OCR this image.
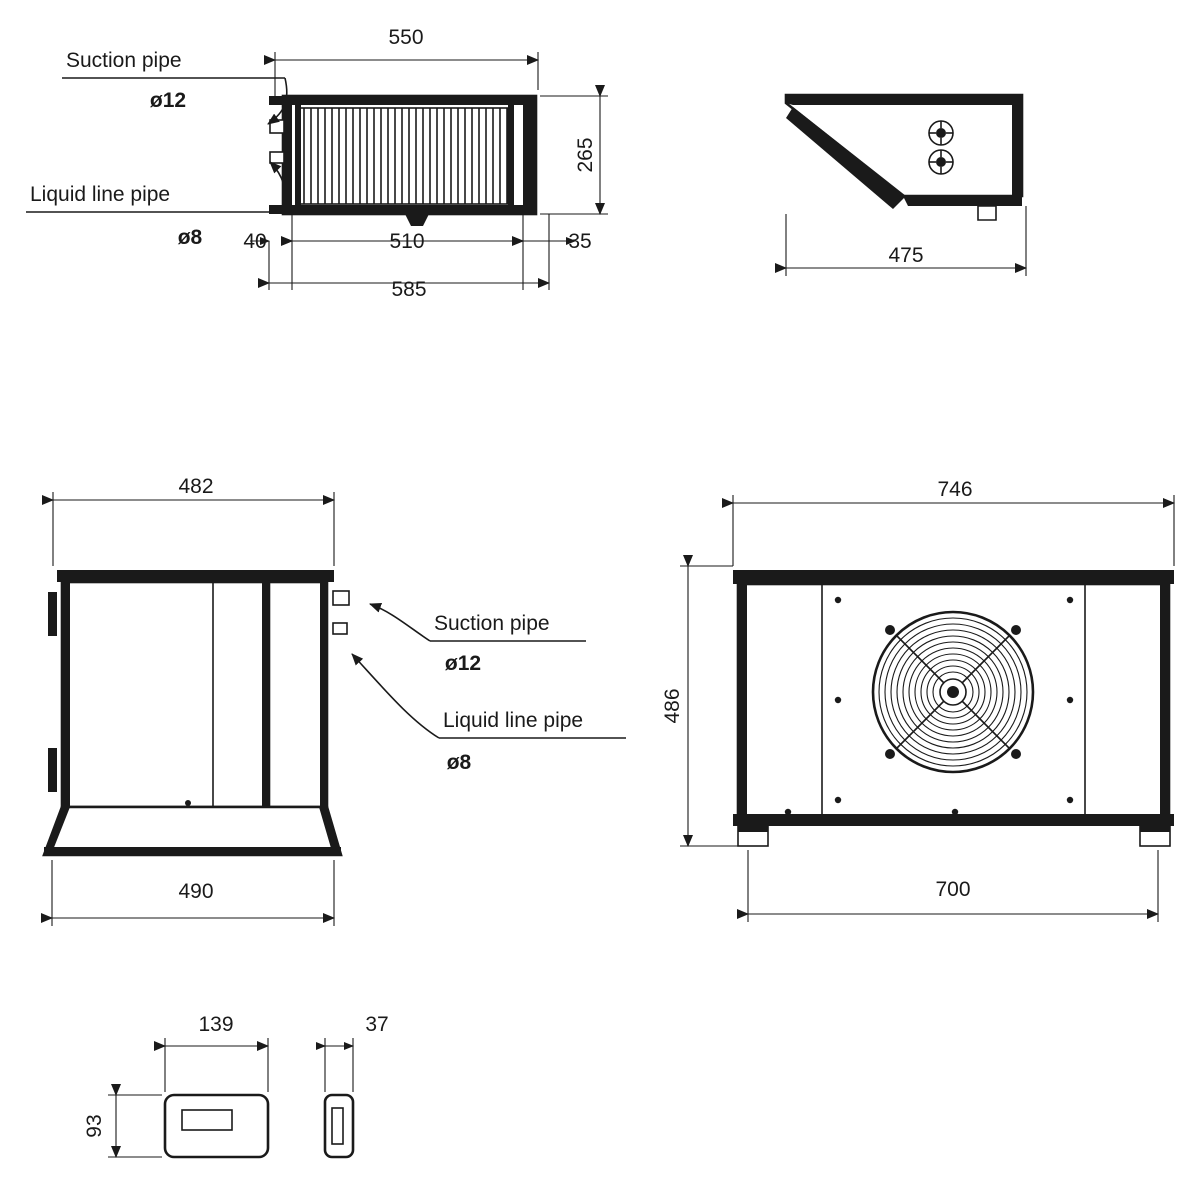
550
265
40	510	35
585
Suction pipe
ø12
Liquid line pipe
ø8
475
482
490
Suction pipe
ø12
Liquid line pipe
ø8
746
486
700
139	37
93
